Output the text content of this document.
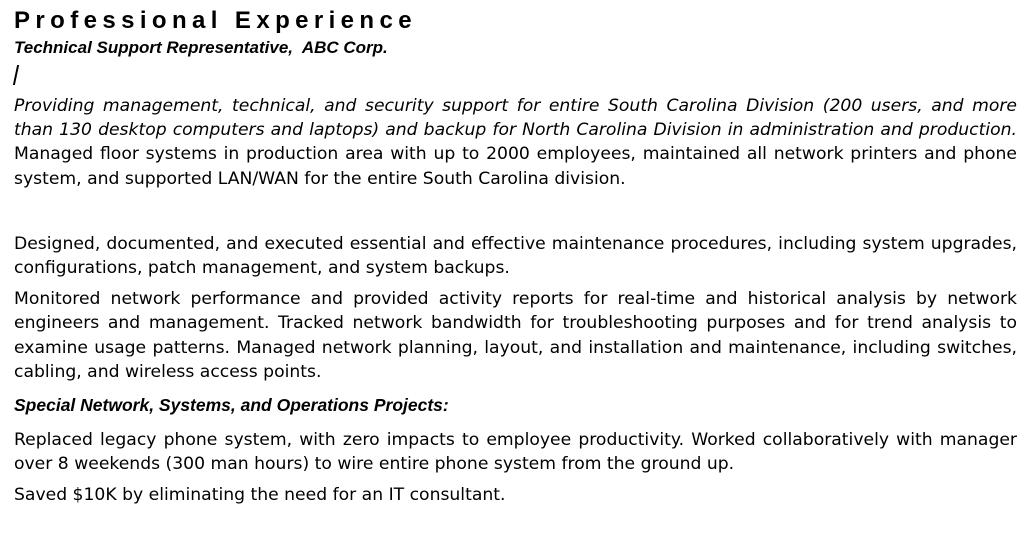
Professional Experience
Technical Support Representative,  ABC Corp.

Providing management, technical, and security support for entire South Carolina Division (200 users, and more than 130 desktop computers and laptops) and backup for North Carolina Division in administration and production. Managed floor systems in production area with up to 2000 employees, maintained all network printers and phone system, and supported LAN/WAN for the entire South Carolina division.

Designed, documented, and executed essential and effective maintenance procedures, including system upgrades, configurations, patch management, and system backups.

Monitored network performance and provided activity reports for real-time and historical analysis by network engineers and management. Tracked network bandwidth for troubleshooting purposes and for trend analysis to examine usage patterns. Managed network planning, layout, and installation and maintenance, including switches, cabling, and wireless access points.

Special Network, Systems, and Operations Projects:

Replaced legacy phone system, with zero impacts to employee productivity. Worked collaboratively with manager over 8 weekends (300 man hours) to wire entire phone system from the ground up.

Saved $10K by eliminating the need for an IT consultant.
